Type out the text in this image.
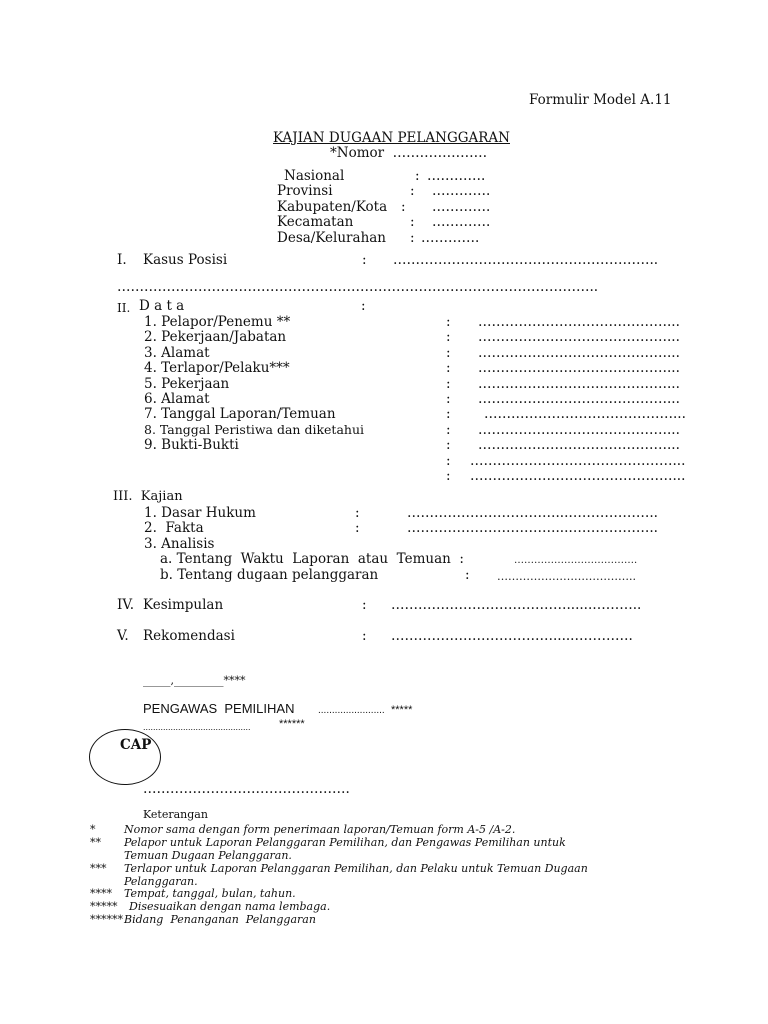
Formulir Model A.11
KAJIAN DUGAAN PELANGGARAN
*Nomor  …………………
Nasional	: ………….
Provinsi	: ………….
Kabupaten/Kota : ………….
Kecamatan	: ………….
Desa/Kelurahan : ………….
I. Kasus Posisi	: …………………………………………………..
……………………………………………………………………………………………..
II. D a t a	:
1. Pelapor/Penemu **	: ……………………………………...
2. Pekerjaan/Jabatan	: ……………………………………...
3. Alamat	: ……………………………………...
4. Terlapor/Pelaku***	: ……………………………………...
5. Pekerjaan	: ……………………………………...
6. Alamat	: ……………………………………...
7. Tanggal Laporan/Temuan	: ……………………………………...
8. Tanggal Peristiwa dan diketahui	: ……………………………………...
9. Bukti-Bukti	: ……………………………………...
: ………………………………………...
: ………………………………………...
III.  Kajian
1. Dasar Hukum	:	……………………………...………………..
2.  Fakta	:	……………………………...………………..
3. Analisis
a. Tentang  Waktu  Laporan  atau  Temuan  :	……………………………….
b. Tentang dugaan pelanggaran	: ………………………………..
IV. Kesimpulan	: …………………………………......………..
V. Rekomendasi	: ……………………………….....………….
_____,_________****
PENGAWAS  PEMILIHAN ........................ *****
...........................................	******
CAP
……………………………………….
Keterangan
*	Nomor sama dengan form penerimaan laporan/Temuan form A-5 /A-2.
** Pelapor untuk Laporan Pelanggaran Pemilihan, dan Pengawas Pemilihan untuk
Temuan Dugaan Pelanggaran.
*** Terlapor untuk Laporan Pelanggaran Pemilihan, dan Pelaku untuk Temuan Dugaan
Pelanggaran.
**** Tempat, tanggal, bulan, tahun.
***** Disesuaikan dengan nama lembaga.
****** Bidang  Penanganan  Pelanggaran
